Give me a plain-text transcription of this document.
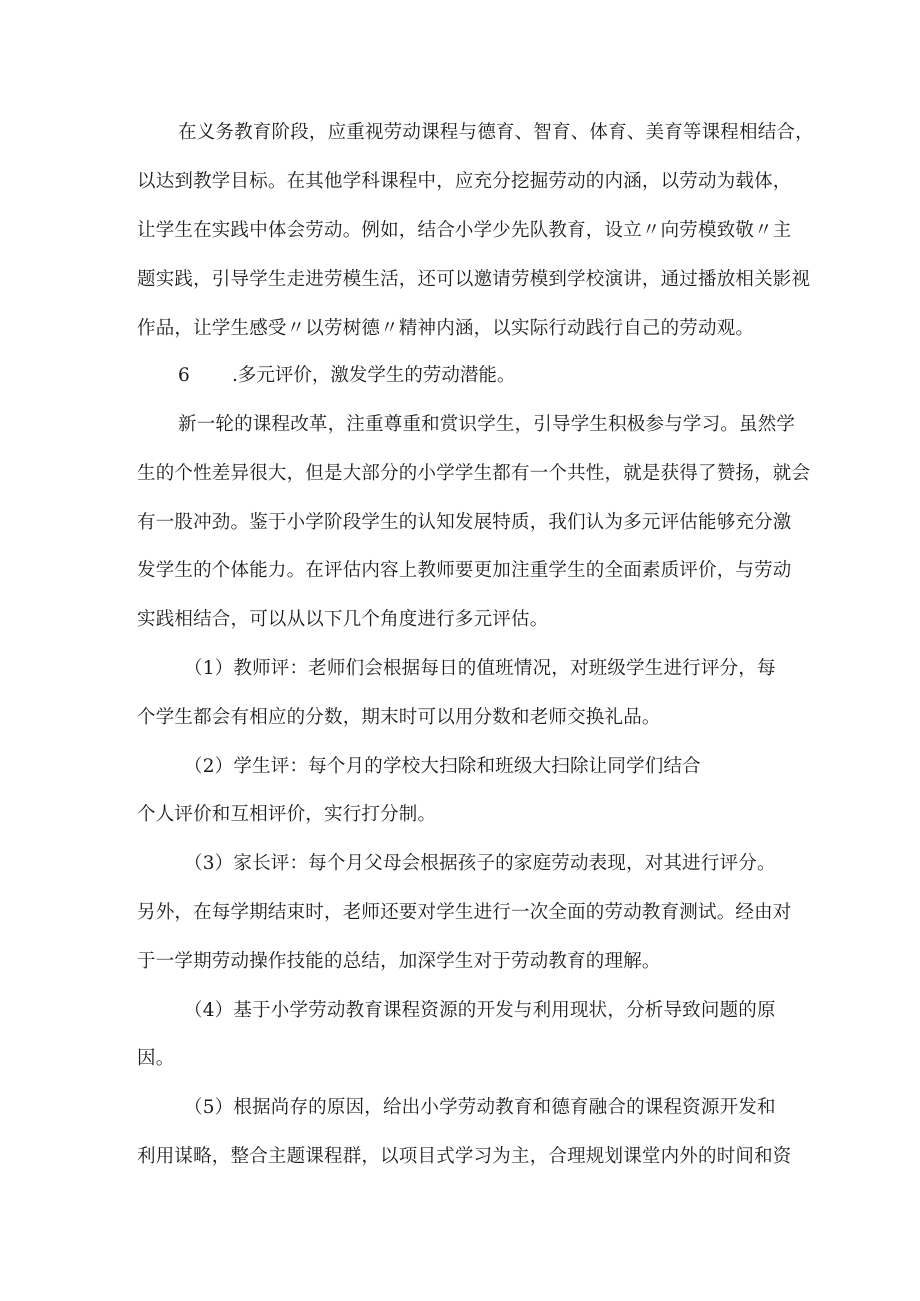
在义务教育阶段，应重视劳动课程与德育、智育、体育、美育等课程相结合，
以达到教学目标。在其他学科课程中，应充分挖掘劳动的内涵，以劳动为载体，
让学生在实践中体会劳动。例如，结合小学少先队教育，设立〃向劳模致敬〃主
题实践，引导学生走进劳模生活，还可以邀请劳模到学校演讲，通过播放相关影视
作品，让学生感受〃以劳树德〃精神内涵，以实际行动践行自己的劳动观。
6 .多元评价，激发学生的劳动潜能。
新一轮的课程改革，注重尊重和赏识学生，引导学生积极参与学习。虽然学
生的个性差异很大，但是大部分的小学学生都有一个共性，就是获得了赞扬，就会
有一股冲劲。鉴于小学阶段学生的认知发展特质，我们认为多元评估能够充分激
发学生的个体能力。在评估内容上教师要更加注重学生的全面素质评价，与劳动
实践相结合，可以从以下几个角度进行多元评估。
（1）教师评：老师们会根据每日的值班情况，对班级学生进行评分，每
个学生都会有相应的分数，期末时可以用分数和老师交换礼品。
（2）学生评：每个月的学校大扫除和班级大扫除让同学们结合
个人评价和互相评价，实行打分制。
（3）家长评：每个月父母会根据孩子的家庭劳动表现，对其进行评分。
另外，在每学期结束时，老师还要对学生进行一次全面的劳动教育测试。经由对
于一学期劳动操作技能的总结，加深学生对于劳动教育的理解。
（4）基于小学劳动教育课程资源的开发与利用现状，分析导致问题的原
因。
（5）根据尚存的原因，给出小学劳动教育和德育融合的课程资源开发和
利用谋略，整合主题课程群，以项目式学习为主，合理规划课堂内外的时间和资
